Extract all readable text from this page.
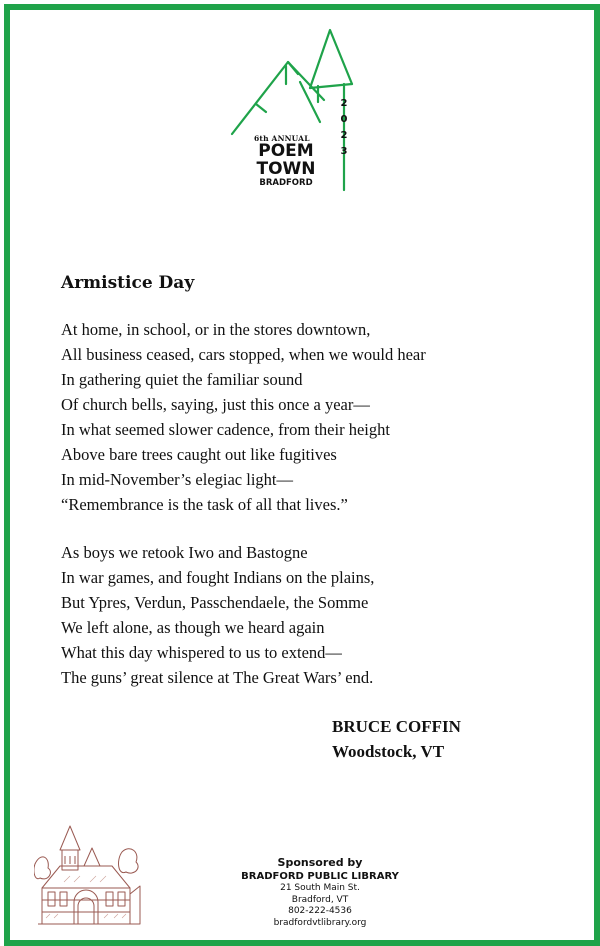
6th ANNUAL
POEM
TOWN
BRADFORD
2
0
2
3
Armistice Day
At home, in school, or in the stores downtown,
All business ceased, cars stopped, when we would hear
In gathering quiet the familiar sound
Of church bells, saying, just this once a year—
In what seemed slower cadence, from their height
Above bare trees caught out like fugitives
In mid-November’s elegiac light—
“Remembrance is the task of all that lives.”
As boys we retook Iwo and Bastogne
In war games, and fought Indians on the plains,
But Ypres, Verdun, Passchendaele, the Somme
We left alone, as though we heard again
What this day whispered to us to extend—
The guns’ great silence at The Great Wars’ end.
BRUCE COFFIN
Woodstock, VT
Sponsored by
BRADFORD PUBLIC LIBRARY
21 South Main St.
Bradford, VT
802-222-4536
bradfordvtlibrary.org
